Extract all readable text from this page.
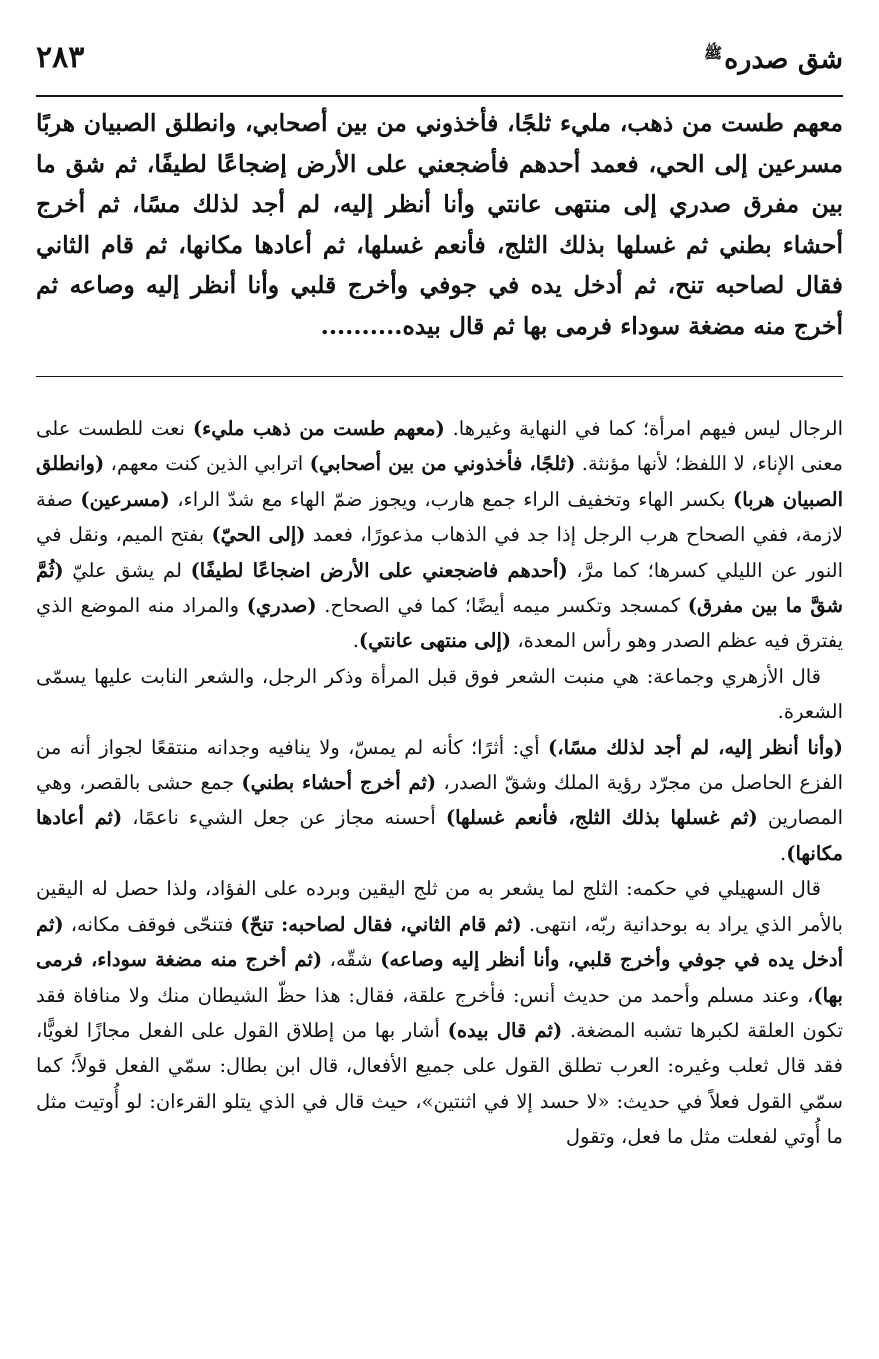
شق صدره$^ﷺ$
٢٨٣

معهم طست من ذهب، مليء ثلجًا، فأخذوني من بين أصحابي، وانطلق الصبيان هربًا مسرعين إلى الحي، فعمد أحدهم فأضجعني على الأرض إضجاعًا لطيفًا، ثم شق ما بين مفرق صدري إلى منتهى عانتي وأنا أنظر إليه، لم أجد لذلك مسًا، ثم أخرج أحشاء بطني ثم غسلها بذلك الثلج، فأنعم غسلها، ثم أعادها مكانها، ثم قام الثاني فقال لصاحبه تنح، ثم أدخل يده في جوفي وأخرج قلبي وأنا أنظر إليه وصاعه ثم أخرج منه مضغة سوداء فرمى بها ثم قال بيده..........

الرجال ليس فيهم امرأة؛ كما في النهاية وغيرها. (معهم طست من ذهب مليء) نعت للطست على معنى الإناء، لا اللفظ؛ لأنها مؤنثة. (ثلجًا، فأخذوني من بين أصحابي) اترابي الذين كنت معهم، (وانطلق الصبيان هربا) بكسر الهاء وتخفيف الراء جمع هارب، ويجوز ضمّ الهاء مع شدّ الراء، (مسرعين) صفة لازمة، ففي الصحاح هرب الرجل إذا جد في الذهاب مذعورًا، فعمد (إلى الحيّ) بفتح الميم، ونقل في النور عن الليلي كسرها؛ كما مرَّ، (أحدهم فاضجعني على الأرض اضجاعًا لطيفًا) لم يشق عليّ (ثُمَّ شقَّ ما بين مفرق) كمسجد وتكسر ميمه أيضًا؛ كما في الصحاح. (صدري) والمراد منه الموضع الذي يفترق فيه عظم الصدر وهو رأس المعدة، (إلى منتهى عانتي).

قال الأزهري وجماعة: هي منبت الشعر فوق قبل المرأة وذكر الرجل، والشعر النابت عليها يسمّى الشعرة.

(وأنا أنظر إليه، لم أجد لذلك مسًا،) أي: أثرًا؛ كأنه لم يمسّ، ولا ينافيه وجدانه منتقعًا لجواز أنه من الفزع الحاصل من مجرّد رؤية الملك وشقّ الصدر، (ثم أخرج أحشاء بطني) جمع حشى بالقصر، وهي المصارين (ثم غسلها بذلك الثلج، فأنعم غسلها) أحسنه مجاز عن جعل الشيء ناعمًا، (ثم أعادها مكانها).

قال السهيلي في حكمه: الثلج لما يشعر به من ثلج اليقين وبرده على الفؤاد، ولذا حصل له اليقين بالأمر الذي يراد به بوحدانية ربّه، انتهى. (ثم قام الثاني، فقال لصاحبه: تنحّ) فتنحّى فوقف مكانه، (ثم أدخل يده في جوفي وأخرج قلبي، وأنا أنظر إليه وصاعه) شقّه، (ثم أخرج منه مضغة سوداء، فرمى بها)، وعند مسلم وأحمد من حديث أنس: فأخرج علقة، فقال: هذا حظّ الشيطان منك ولا منافاة فقد تكون العلقة لكبرها تشبه المضغة. (ثم قال بيده) أشار بها من إطلاق القول على الفعل مجازًا لغويًّا، فقد قال ثعلب وغيره: العرب تطلق القول على جميع الأفعال، قال ابن بطال: سمّي الفعل قولاً؛ كما سمّي القول فعلاً في حديث: «لا حسد إلا في اثنتين»، حيث قال في الذي يتلو القرءان: لو أُوتيت مثل ما أُوتي لفعلت مثل ما فعل، وتقول
